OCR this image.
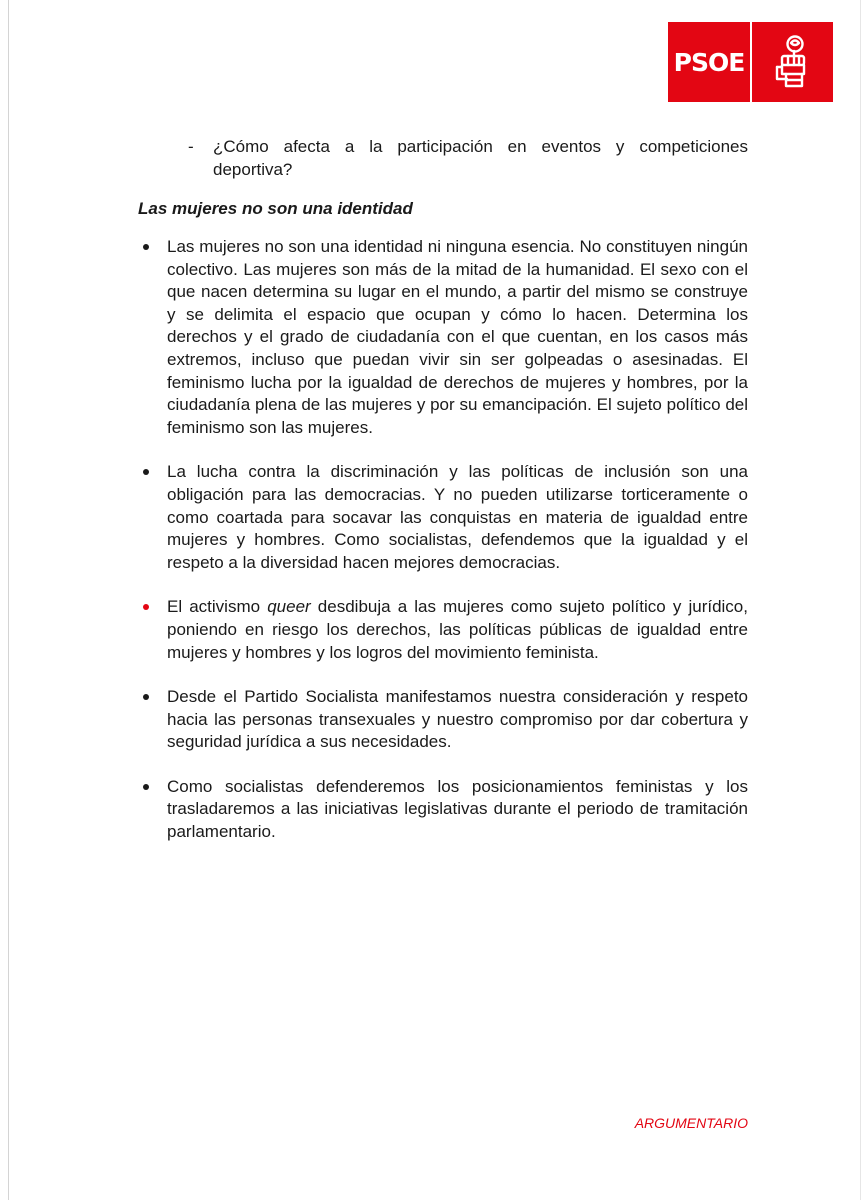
PSOE
- ¿Cómo afecta a la participación en eventos y competiciones deportiva?
Las mujeres no son una identidad
Las mujeres no son una identidad ni ninguna esencia. No constituyen ningún colectivo. Las mujeres son más de la mitad de la humanidad. El sexo con el que nacen determina su lugar en el mundo, a partir del mismo se construye y se delimita el espacio que ocupan y cómo lo hacen. Determina los derechos y el grado de ciudadanía con el que cuentan, en los casos más extremos, incluso que puedan vivir sin ser golpeadas o asesinadas. El feminismo lucha por la igualdad de derechos de mujeres y hombres, por la ciudadanía plena de las mujeres y por su emancipación. El sujeto político del feminismo son las mujeres.
La lucha contra la discriminación y las políticas de inclusión son una obligación para las democracias. Y no pueden utilizarse torticeramente o como coartada para socavar las conquistas en materia de igualdad entre mujeres y hombres. Como socialistas, defendemos que la igualdad y el respeto a la diversidad hacen mejores democracias.
El activismo queer desdibuja a las mujeres como sujeto político y jurídico, poniendo en riesgo los derechos, las políticas públicas de igualdad entre mujeres y hombres y los logros del movimiento feminista.
Desde el Partido Socialista manifestamos nuestra consideración y respeto hacia las personas transexuales y nuestro compromiso por dar cobertura y seguridad jurídica a sus necesidades.
Como socialistas defenderemos los posicionamientos feministas y los trasladaremos a las iniciativas legislativas durante el periodo de tramitación parlamentario.
ARGUMENTARIO
